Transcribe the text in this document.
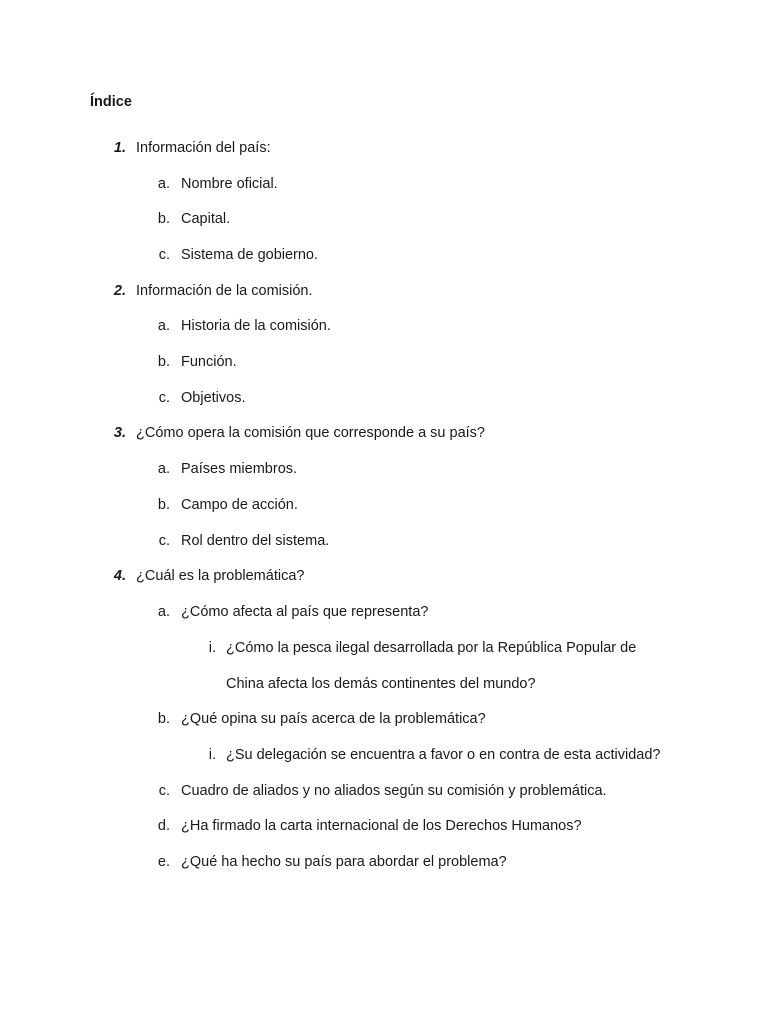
Índice
1. Información del país:
a. Nombre oficial.
b. Capital.
c. Sistema de gobierno.
2. Información de la comisión.
a. Historia de la comisión.
b. Función.
c. Objetivos.
3. ¿Cómo opera la comisión que corresponde a su país?
a. Países miembros.
b. Campo de acción.
c. Rol dentro del sistema.
4. ¿Cuál es la problemática?
a. ¿Cómo afecta al país que representa?
i. ¿Cómo la pesca ilegal desarrollada por la República Popular de
China afecta los demás continentes del mundo?
b. ¿Qué opina su país acerca de la problemática?
i. ¿Su delegación se encuentra a favor o en contra de esta actividad?
c. Cuadro de aliados y no aliados según su comisión y problemática.
d. ¿Ha firmado la carta internacional de los Derechos Humanos?
e. ¿Qué ha hecho su país para abordar el problema?
